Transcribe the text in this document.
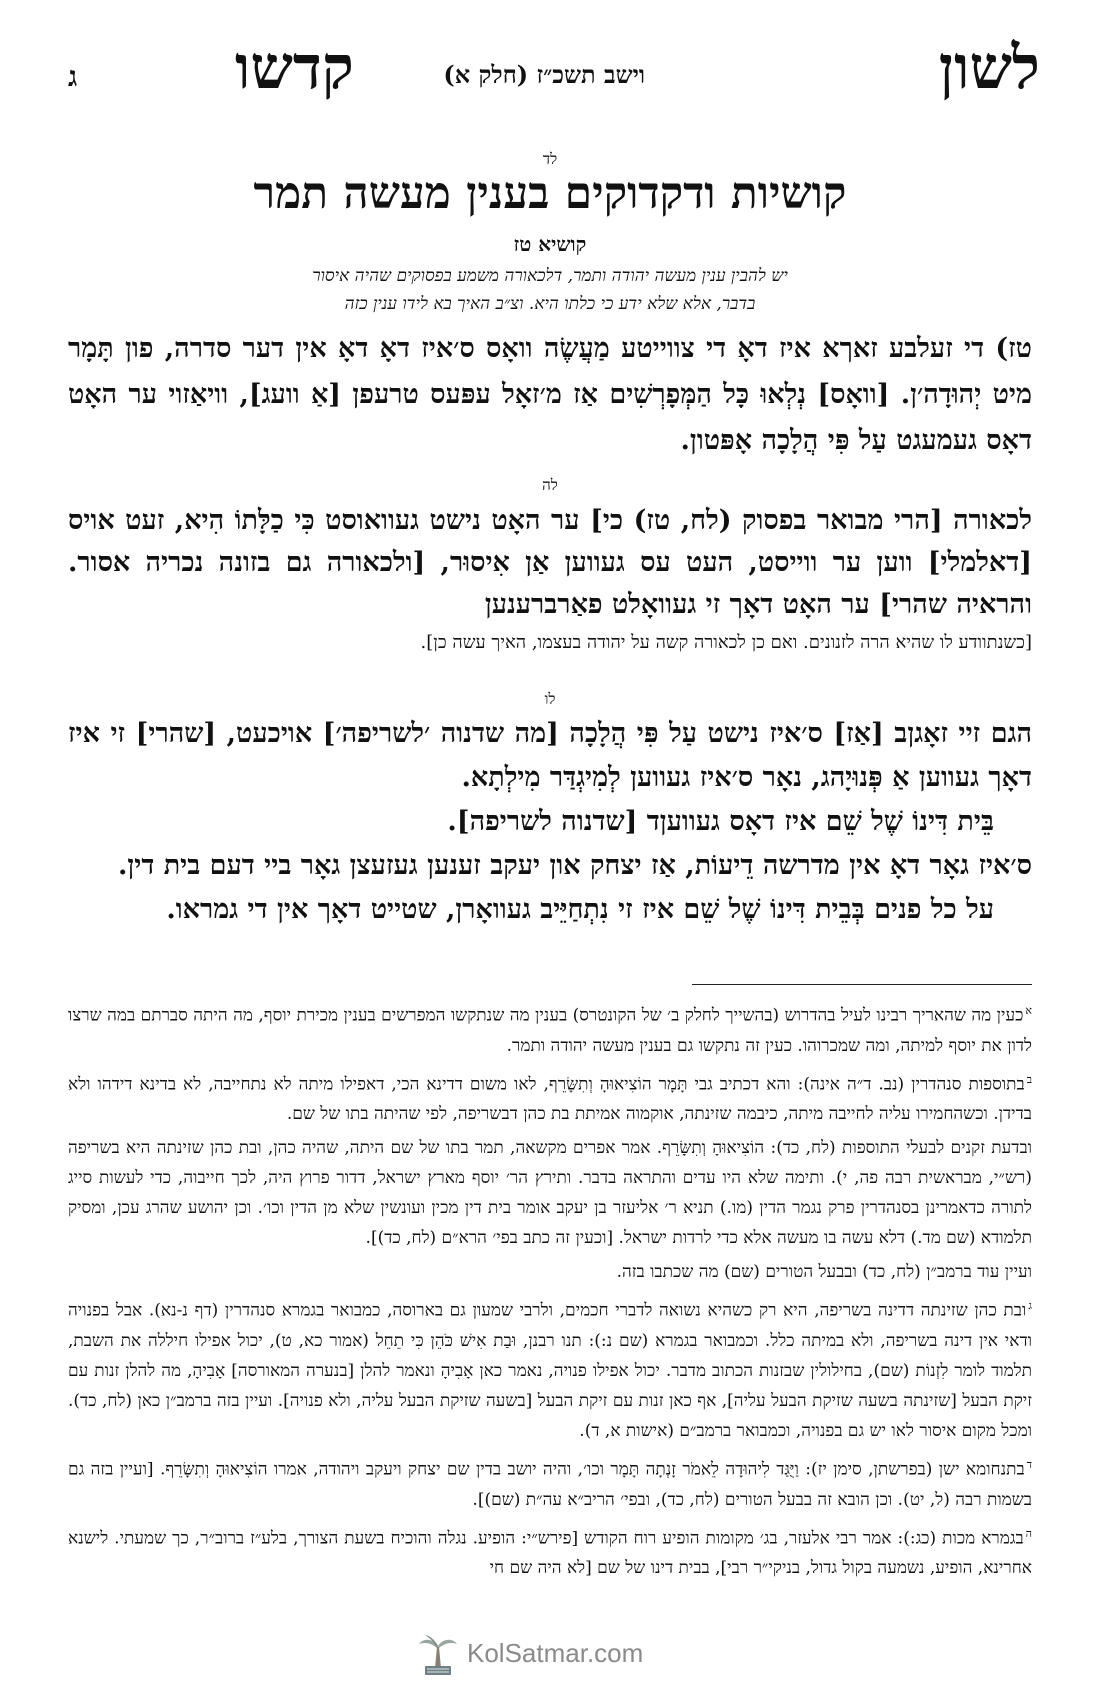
לשון
וישב תשכ״ז (חלק א)
קדשו
ג
לד
קושיות ודקדוקים בענין מעשה תמר
קושיא טז
יש להבין ענין מעשה יהודה ותמר, דלכאורה משמע בפסוקים שהיה איסור בדבר, אלא שלא ידע כי כלתו היא. וצ״ב האיך בא לידו ענין כזה

טז) די זעלבע זאךא איז דאָ די צווייטע מַעֲשֶׂה וואָס ס׳איז דאָ דאָ אין דער סדרה, פון תָּמָר מיט יְהוּדָה׳ן. [וואָס] נְלְאוּ כָּל הַמְּפָרְשִׁים אַז מ׳זאָל עפּעס טרעפן [אַ וועג], וויאַזוי ער האָט דאָס געמעגט עַל פִּי הֲלָכָה אָפּטון.

לה

לכאורה [הרי מבואר בפסוק (לח, טז) כי] ער האָט נישט געוואוסט כִּי כַלָּתוֹ הִיא, זעט אויס [דאלמלי] ווען ער ווייסט, העט עס געווען אַן אִיסוּר, [ולכאורה גם בזונה נכריה אסור. והראיה שהרי] ער האָט דאָך זי געוואָלט פאַרברענען

[כשנתוודע לו שהיא הרה לזנונים. ואם כן לכאורה קשה על יהודה בעצמו, האיך עשה כן].

לו

הגם זיי זאָגןב [אַז] ס׳איז נישט עַל פִּי הֲלָכָה [מה שדנוה ׳לשריפה׳] אויכעט, [שהרי] זי איז דאָך געווען אַ פְּנוּיָהג, נאָר ס׳איז געווען לְמִיגְדַּר מִילְתָא.

בֵּית דִּינוֹ שֶׁל שֵׁם איז דאָס געוועןד [שדנוה לשריפה].

ס׳איז גאָר דאָ אין מדרשה דֵיעוֹת, אַז יצחק און יעקב זענען געזעצן גאָר ביי דעם בית דין.

על כל פנים בְּבֵית דִּינוֹ שֶׁל שֵׁם איז זי נִתְחַיֵּיב געוואָרן, שטייט דאָך אין די גמראו.

$^א$כעין מה שהאריך רבינו לעיל בהדרוש (בהשייך לחלק ב׳ של הקונטרס) בענין מה שנתקשו המפרשים בענין מכירת יוסף, מה היתה סברתם במה שרצו לדון את יוסף למיתה, ומה שמכרוהו. כעין זה נתקשו גם בענין מעשה יהודה ותמר.

$^ב$בתוספות סנהדרין (נב. ד״ה אינה): והא דכתיב גבי תָּמָר הוֹצִיאוּהָ וְתִשָּׂרֵף, לאו משום דדינא הכי, דאפילו מיתה לא נתחייבה, לא בדינא דידהו ולא בדידן. וכשהחמירו עליה לחייבה מיתה, כיבמה שזינתה, אוקמוה אמיתת בת כהן דבשריפה, לפי שהיתה בתו של שם.

ובדעת זקנים לבעלי התוספות (לח, כד): הוֹצִיאוּהָ וְתִשָּׂרֵף. אמר אפרים מקשאה, תמר בתו של שם היתה, שהיה כהן, ובת כהן שזינתה היא בשריפה (רש״י, מבראשית רבה פה, י). ותימה שלא היו עדים והתראה בדבר. ותירץ הר׳ יוסף מארץ ישראל, דדור פרוץ היה, לכך חייבוה, כדי לעשות סייג לתורה כדאמרינן בסנהדרין פרק נגמר הדין (מו.) תניא ר׳ אליעזר בן יעקב אומר בית דין מכין ועונשין שלא מן הדין וכו׳. וכן יהושע שהרג עכן, ומסיק תלמודא (שם מד.) דלא עשה בו מעשה אלא כדי לרדות ישראל. [וכעין זה כתב בפי׳ הרא״ם (לח, כד)].

ועיין עוד ברמב״ן (לח, כד) ובבעל הטורים (שם) מה שכתבו בזה.

$^ג$ובת כהן שזינתה דדינה בשריפה, היא רק כשהיא נשואה לדברי חכמים, ולרבי שמעון גם בארוסה, כמבואר בגמרא סנהדרין (דף נ-נא). אבל בפנויה ודאי אין דינה בשריפה, ולא במיתה כלל. וכמבואר בגמרא (שם נ:): תנו רבנן, וּבַת אִישׁ כֹּהֵן כִּי תֵחֵל (אמור כא, ט), יכול אפילו חיללה את השבת, תלמוד לומר לִזְנוֹת (שם), בחילולין שבזנות הכתוב מדבר. יכול אפילו פנויה, נאמר כאן אָבִיהָ ונאמר להלן [בנערה המאורסה] אָבִיהָ, מה להלן זנות עם זיקת הבעל [שזינתה בשעה שזיקת הבעל עליה], אף כאן זנות עם זיקת הבעל [בשעה שזיקת הבעל עליה, ולא פנויה]. ועיין בזה ברמב״ן כאן (לח, כד). ומכל מקום איסור לאו יש גם בפנויה, וכמבואר ברמב״ם (אישות א, ד).

$^ד$בתנחומא ישן (בפרשתן, סימן יז): וַיֻּגַּד לִיהוּדָה לֵאמֹר זָנְתָה תָּמָר וכו׳, והיה יושב בדין שם יצחק ויעקב ויהודה, אמרו הוֹצִיאוּהָ וְתִשָּׂרֵף. [ועיין בזה גם בשמות רבה (ל, יט). וכן הובא זה בבעל הטורים (לח, כד), ובפי׳ הריב״א עה״ת (שם)].

$^ה$בגמרא מכות (כג:): אמר רבי אלעזר, בג׳ מקומות הופיע רוח הקודש [פירש״י: הופיע. נגלה והוכיח בשעת הצורך, בלע״ז ברוב״ר, כך שמעתי. לישנא אחרינא, הופיע, נשמעה בקול גדול, בניקי״ר רבי], בבית דינו של שם [לא היה שם חי

KolSatmar.com
